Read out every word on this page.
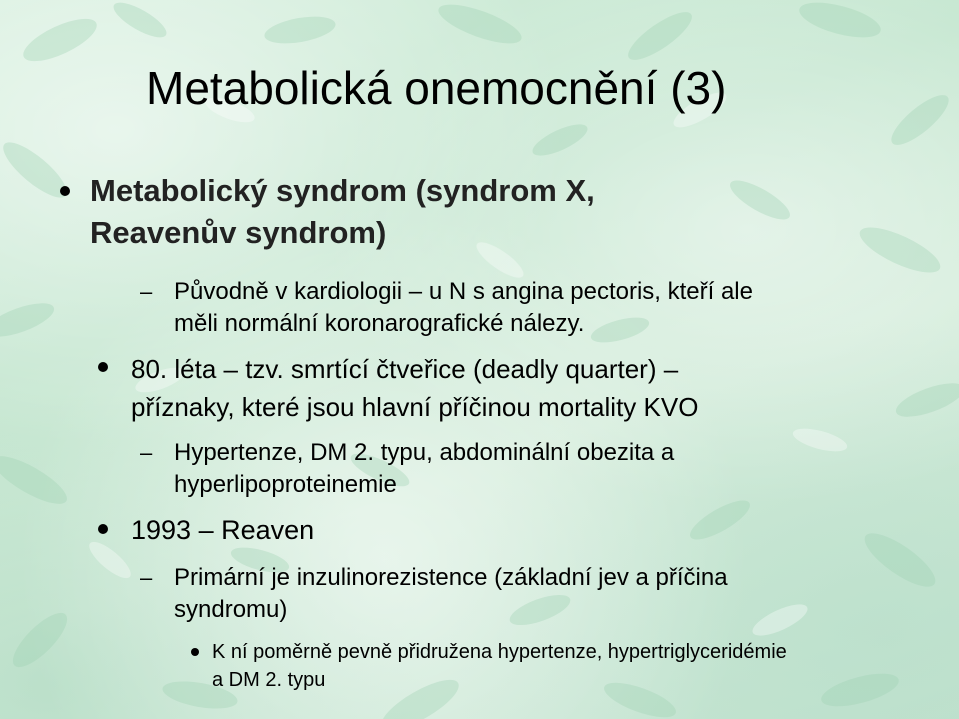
Metabolická onemocnění (3)
Metabolický syndrom (syndrom X,
Reavenův syndrom)
– Původně v kardiologii – u N s angina pectoris, kteří ale
měli normální koronarografické nálezy.
80. léta – tzv. smrtící čtveřice (deadly quarter) –
příznaky, které jsou hlavní příčinou mortality KVO
– Hypertenze, DM 2. typu, abdominální obezita a
hyperlipoproteinemie
1993 – Reaven
– Primární je inzulinorezistence (základní jev a příčina
syndromu)
K ní poměrně pevně přidružena hypertenze, hypertriglyceridémie
a DM 2. typu
